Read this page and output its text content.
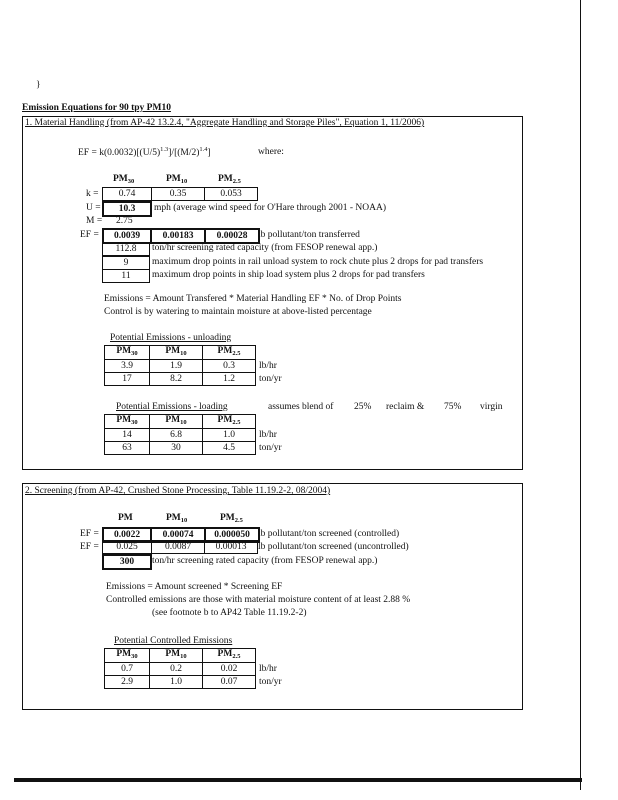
}
Emission Equations for 90 tpy PM10
1. Material Handling (from AP-42 13.2.4, "Aggregate Handling and Storage Piles", Equation 1, 11/2006)
EF = $k(0.0032)[(U/5)^{1.3}]/[(M/2)^{1.4}]$	where:
$PM_{30}$	$PM_{10}$	$PM_{2.5}$
k = 0.74	0.35	0.053
U = 10.3 mph (average wind speed for O'Hare through 2001 - NOAA)
M = 2.75
EF = 0.0039	0.00183	0.00028 lb pollutant/ton transferred
112.8 ton/hr screening rated capacity (from FESOP renewal app.)
9 maximum drop points in rail unload system to rock chute plus 2 drops for pad transfers
11 maximum drop points in ship load system plus 2 drops for pad transfers
Emissions = Amount Transfered * Material Handling EF * No. of Drop Points
Control is by watering to maintain moisture at above-listed percentage
Potential Emissions - unloading
$PM_{30}$	$PM_{10}$	$PM_{2.5}$	
3.9	1.9	0.3	lb/hr
17	8.2	1.2	ton/yr
Potential Emissions - loading	assumes blend of 25% reclaim & 75% virgin
$PM_{30}$	$PM_{10}$	$PM_{2.5}$	
14	6.8	1.0	lb/hr
63	30	4.5	ton/yr
2. Screening (from AP-42, Crushed Stone Processing, Table 11.19.2-2, 08/2004)
PM	$PM_{10}$	$PM_{2.5}$
EF = 0.0022	0.00074	0.000050 lb pollutant/ton screened (controlled)
EF = 0.025	0.0087	0.00013 lb pollutant/ton screened (uncontrolled)
300 ton/hr screening rated capacity (from FESOP renewal app.)
Emissions = Amount screened * Screening EF
Controlled emissions are those with material moisture content of at least 2.88 %
(see footnote b to AP42 Table 11.19.2-2)
Potential Controlled Emissions
$PM_{30}$	$PM_{10}$	$PM_{2.5}$	
0.7	0.2	0.02	lb/hr
2.9	1.0	0.07	ton/yr
